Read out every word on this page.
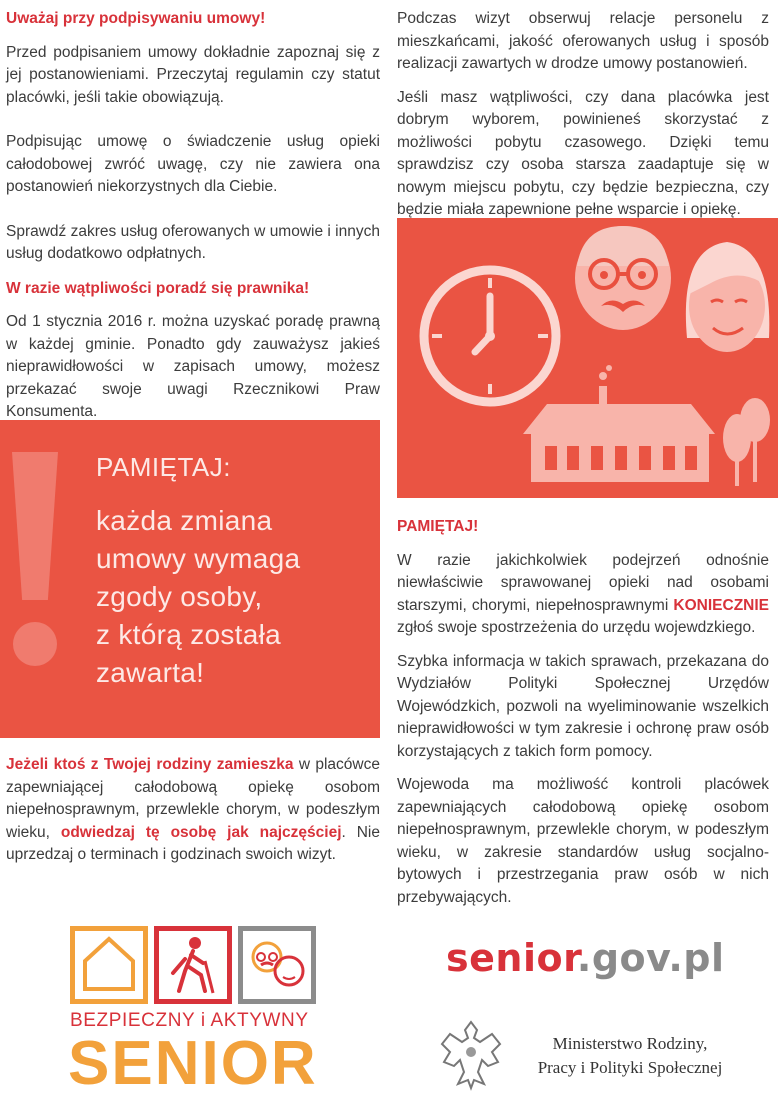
Uważaj przy podpisywaniu umowy!

Przed podpisaniem umowy dokładnie zapoznaj się z jej postanowieniami. Przeczytaj regulamin czy statut placówki, jeśli takie obowiązują.

Podpisując umowę o świadczenie usług opieki całodobowej zwróć uwagę, czy nie zawiera ona postanowień niekorzystnych dla Ciebie.

Sprawdź zakres usług oferowanych w umowie i innych usług dodatkowo odpłatnych.

W razie wątpliwości poradź się prawnika!

Od 1 stycznia 2016 r. można uzyskać poradę prawną w każdej gminie. Ponadto gdy zauważysz jakieś nieprawidłowości w zapisach umowy, możesz przekazać swoje uwagi Rzecznikowi Praw Konsumenta.

PAMIĘTAJ:
każda zmiana
umowy wymaga
zgody osoby,
z którą została
zawarta!

Jeżeli ktoś z Twojej rodziny zamieszka w placówce zapewniającej całodobową opiekę osobom niepełnosprawnym, przewlekle chorym, w podeszłym wieku, odwiedzaj tę osobę jak najczęściej. Nie uprzedzaj o terminach i godzinach swoich wizyt.

Podczas wizyt obserwuj relacje personelu z mieszkańcami, jakość oferowanych usług i sposób realizacji zawartych w drodze umowy postanowień.

Jeśli masz wątpliwości, czy dana placówka jest dobrym wyborem, powinieneś skorzystać z możliwości pobytu czasowego. Dzięki temu sprawdzisz czy osoba starsza zaadaptuje się w nowym miejscu pobytu, czy będzie bezpieczna, czy będzie miała zapewnione pełne wsparcie i opiekę.

PAMIĘTAJ!

W razie jakichkolwiek podejrzeń odnośnie niewłaściwie sprawowanej opieki nad osobami starszymi, chorymi, niepełnosprawnymi KONIECZNIE zgłoś swoje spostrzeżenia do urzędu wojewdzkiego.

Szybka informacja w takich sprawach, przekazana do Wydziałów Polityki Społecznej Urzędów Wojewódzkich, pozwoli na wyeliminowanie wszelkich nieprawidłowości w tym zakresie i ochronę praw osób korzystających z takich form pomocy.

Wojewoda ma możliwość kontroli placówek zapewniających całodobową opiekę osobom niepełnosprawnym, przewlekle chorym, w podeszłym wieku, w zakresie standardów usług socjalno-bytowych i przestrzegania praw osób w nich przebywających.

BEZPIECZNY i AKTYWNY
SENIOR
senior.gov.pl
Ministerstwo Rodziny,
Pracy i Polityki Społecznej
